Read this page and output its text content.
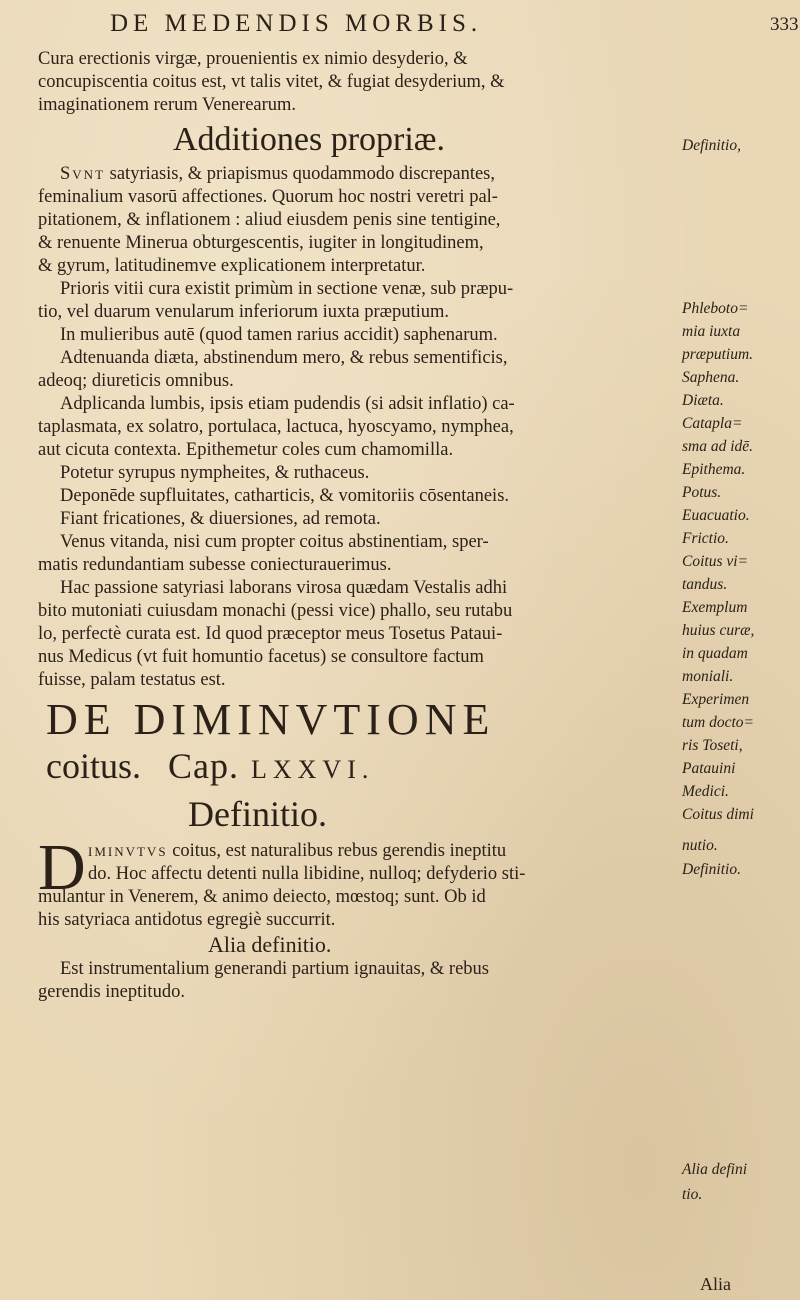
DE MEDENDIS MORBIS.	333
Cura erectionis virgæ, prouenientis ex nimio desyderio, &
concupiscentia coitus est, vt talis vitet, & fugiat desyderium, &
imaginationem rerum Venerearum.
Additiones propriæ.
Svnt satyriasis, & priapismus quodammodo discrepantes,
feminalium vasorū affectiones. Quorum hoc nostri veretri pal-
pitationem, & inflationem : aliud eiusdem penis sine tentigine,
& renuente Minerua obturgescentis, iugiter in longitudinem,
& gyrum, latitudinemve explicationem interpretatur.
Prioris vitii cura existit primùm in sectione venæ, sub præpu-
tio, vel duarum venularum inferiorum iuxta præputium.
In mulieribus autē (quod tamen rarius accidit) saphenarum.
Adtenuanda diæta, abstinendum mero, & rebus sementificis,
adeoq; diureticis omnibus.
Adplicanda lumbis, ipsis etiam pudendis (si adsit inflatio) ca-
taplasmata, ex solatro, portulaca, lactuca, hyoscyamo, nymphea,
aut cicuta contexta. Epithemetur coles cum chamomilla.
Potetur syrupus nympheites, & ruthaceus.
Deponēde supfluitates, catharticis, & vomitoriis cōsentaneis.
Fiant fricationes, & diuersiones, ad remota.
Venus vitanda, nisi cum propter coitus abstinentiam, sper-
matis redundantiam subesse coniecturauerimus.
Hac passione satyriasi laborans virosa quædam Vestalis adhi
bito mutoniati cuiusdam monachi (pessi vice) phallo, seu rutabu
lo, perfectè curata est. Id quod præceptor meus Tosetus Pataui-
nus Medicus (vt fuit homuntio facetus) se consultore factum
fuisse, palam testatus est.
DE DIMINVTIONE
coitus. Cap. LXXVI.
Definitio.
D iminvtvs coitus, est naturalibus rebus gerendis ineptitu
do. Hoc affectu detenti nulla libidine, nulloq; defyderio sti-
mulantur in Venerem, & animo deiecto, mœstoq; sunt. Ob id
his satyriaca antidotus egregiè succurrit.
Alia definitio.
Est instrumentalium generandi partium ignauitas, & rebus
gerendis ineptitudo.
Definitio,
Phleboto=
mia iuxta
præputium.
Saphena.
Diæta.
Catapla=
sma ad idē.
Epithema.
Potus.
Euacuatio.
Frictio.
Coitus vi=
tandus.
Exemplum
huius curæ,
in quadam
moniali.
Experimen
tum docto=
ris Toseti,
Patauini
Medici.
Coitus dimi
nutio.
Definitio.
Alia defini
tio.
Alia
